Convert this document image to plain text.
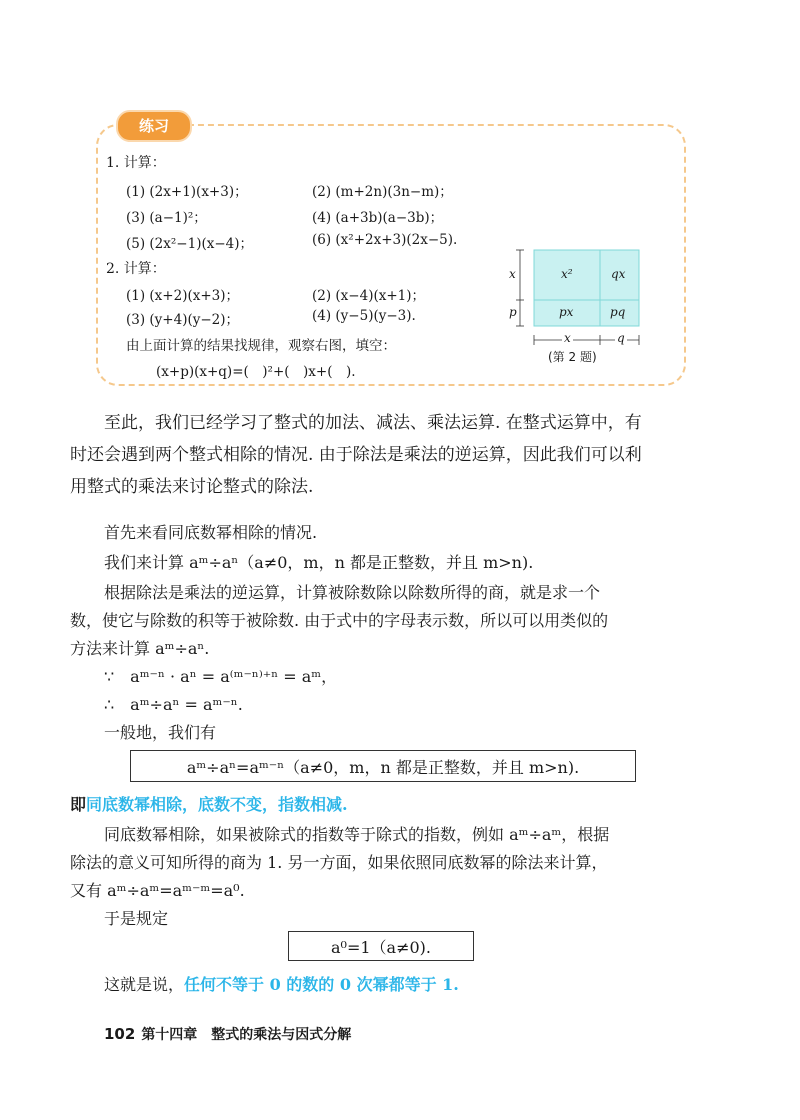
练习
1. 计算：
(1) (2x+1)(x+3)；	(2) (m+2n)(3n−m)；
(3) (a−1)²；	(4) (a+3b)(a−3b)；
(5) (2x²−1)(x−4)；	(6) (x²+2x+3)(2x−5).
2. 计算：
(1) (x+2)(x+3)；	(2) (x−4)(x+1)；
(3) (y+4)(y−2)；	(4) (y−5)(y−3).
由上面计算的结果找规律，观察右图，填空：
(x+p)(x+q)=(　)²+(　)x+(　).
x²	qx
px	pq
x
p
x	q
(第 2 题)
至此，我们已经学习了整式的加法、减法、乘法运算. 在整式运算中，有
时还会遇到两个整式相除的情况. 由于除法是乘法的逆运算，因此我们可以利
用整式的乘法来讨论整式的除法.
首先来看同底数幂相除的情况.
我们来计算 aᵐ÷aⁿ（a≠0，m，n 都是正整数，并且 m>n).
根据除法是乘法的逆运算，计算被除数除以除数所得的商，就是求一个
数，使它与除数的积等于被除数. 由于式中的字母表示数，所以可以用类似的
方法来计算 aᵐ÷aⁿ.
∵　aᵐ⁻ⁿ · aⁿ = a⁽ᵐ⁻ⁿ⁾⁺ⁿ = aᵐ，
∴　aᵐ÷aⁿ = aᵐ⁻ⁿ.
一般地，我们有
aᵐ÷aⁿ=aᵐ⁻ⁿ（a≠0，m，n 都是正整数，并且 m>n).
即同底数幂相除，底数不变，指数相减.
同底数幂相除，如果被除式的指数等于除式的指数，例如 aᵐ÷aᵐ，根据
除法的意义可知所得的商为 1. 另一方面，如果依照同底数幂的除法来计算，
又有 aᵐ÷aᵐ=aᵐ⁻ᵐ=a⁰.
于是规定
a⁰=1（a≠0).
这就是说，任何不等于 0 的数的 0 次幂都等于 1.
102 第十四章　整式的乘法与因式分解
